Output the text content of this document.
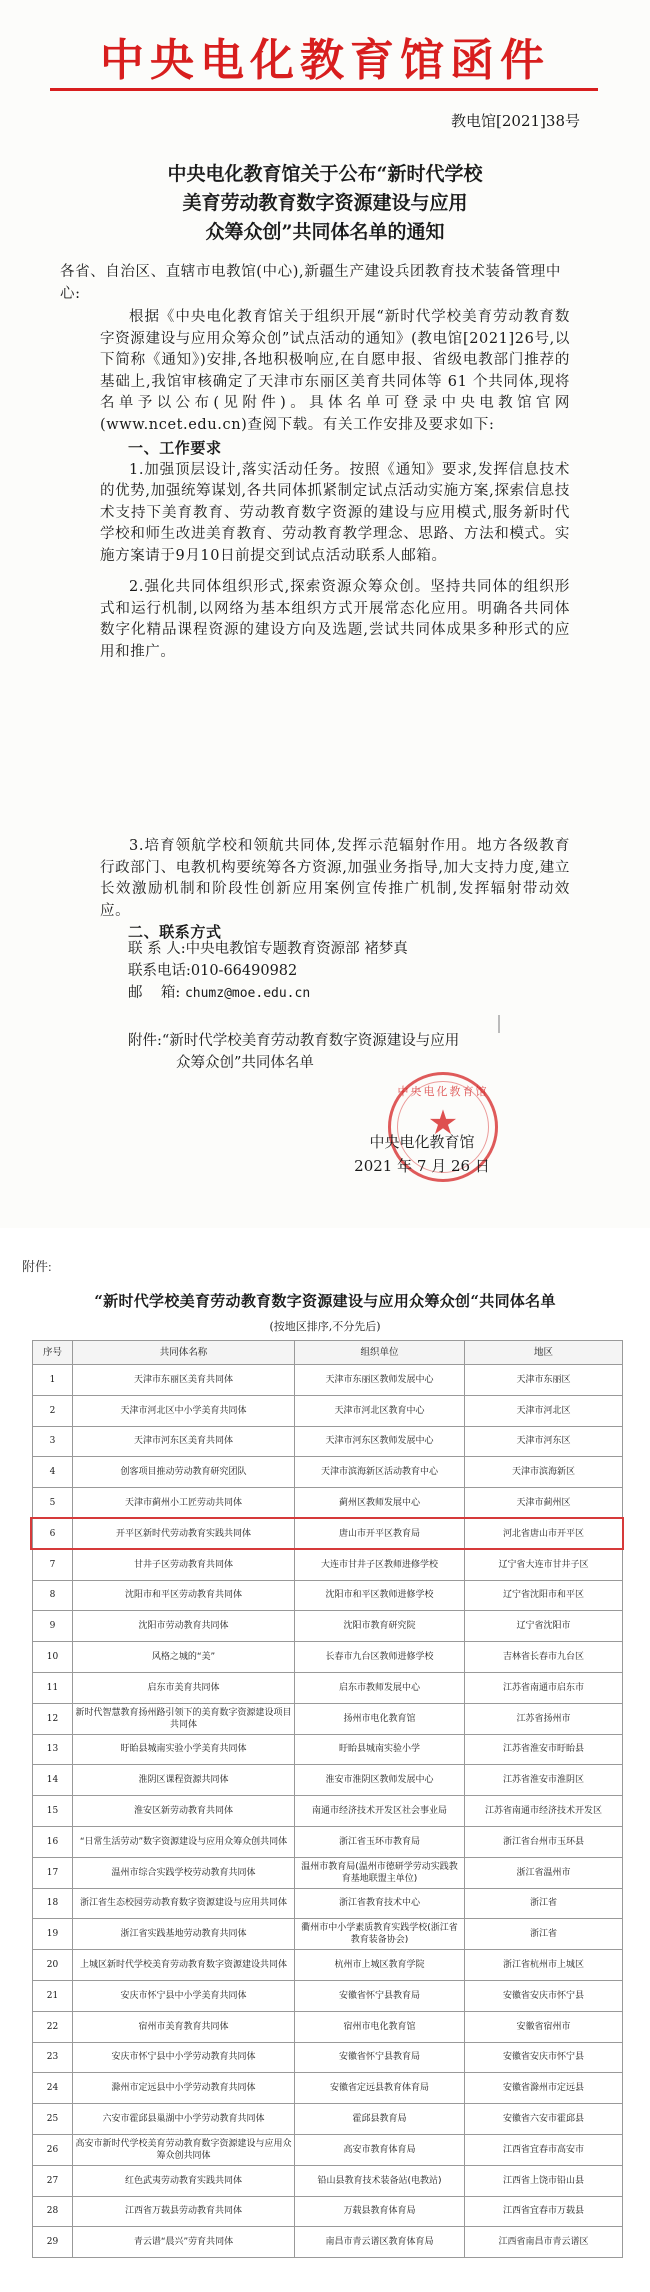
中央电化教育馆函件
教电馆[2021]38号
中央电化教育馆关于公布“新时代学校
美育劳动教育数字资源建设与应用
众筹众创”共同体名单的通知

各省、自治区、直辖市电教馆(中心),新疆生产建设兵团教育技术装备管理中心:

根据《中央电化教育馆关于组织开展“新时代学校美育劳动教育数字资源建设与应用众筹众创”试点活动的通知》(教电馆[2021]26号,以下简称《通知》)安排,各地积极响应,在自愿申报、省级电教部门推荐的基础上,我馆审核确定了天津市东丽区美育共同体等 61 个共同体,现将名单予以公布(见附件)。具体名单可登录中央电教馆官网(www.ncet.edu.cn)查阅下载。有关工作安排及要求如下:

一、工作要求

1.加强顶层设计,落实活动任务。按照《通知》要求,发挥信息技术的优势,加强统筹谋划,各共同体抓紧制定试点活动实施方案,探索信息技术支持下美育教育、劳动教育数字资源的建设与应用模式,服务新时代学校和师生改进美育教育、劳动教育教学理念、思路、方法和模式。实施方案请于9月10日前提交到试点活动联系人邮箱。

2.强化共同体组织形式,探索资源众筹众创。坚持共同体的组织形式和运行机制,以网络为基本组织方式开展常态化应用。明确各共同体数字化精品课程资源的建设方向及选题,尝试共同体成果多种形式的应用和推广。

3.培育领航学校和领航共同体,发挥示范辐射作用。地方各级教育行政部门、电教机构要统筹各方资源,加强业务指导,加大支持力度,建立长效激励机制和阶段性创新应用案例宣传推广机制,发挥辐射带动效应。

二、联系方式

联 系 人:中央电教馆专题教育资源部 褚梦真
联系电话:010-66490982
邮    箱: chumz@moe.edu.cn
附件:“新时代学校美育劳动教育数字资源建设与应用
众筹众创”共同体名单
中央电化教育馆
★
中央电化教育馆
2021 年 7 月 26 日
附件:
“新时代学校美育劳动教育数字资源建设与应用众筹众创“共同体名单
(按地区排序,不分先后)
序号	共同体名称	组织单位	地区
1	天津市东丽区美育共同体	天津市东丽区教师发展中心	天津市东丽区
2	天津市河北区中小学美育共同体	天津市河北区教育中心	天津市河北区
3	天津市河东区美育共同体	天津市河东区教师发展中心	天津市河东区
4	创客项目推动劳动教育研究团队	天津市滨海新区活动教育中心	天津市滨海新区
5	天津市蓟州小工匠劳动共同体	蓟州区教师发展中心	天津市蓟州区
6	开平区新时代劳动教育实践共同体	唐山市开平区教育局	河北省唐山市开平区
7	甘井子区劳动教育共同体	大连市甘井子区教师进修学校	辽宁省大连市甘井子区
8	沈阳市和平区劳动教育共同体	沈阳市和平区教师进修学校	辽宁省沈阳市和平区
9	沈阳市劳动教育共同体	沈阳市教育研究院	辽宁省沈阳市
10	风格之城的“美”	长春市九台区教师进修学校	吉林省长春市九台区
11	启东市美育共同体	启东市教师发展中心	江苏省南通市启东市
12	新时代智慧教育扬州路引领下的美育数字资源建设项目共同体	扬州市电化教育馆	江苏省扬州市
13	盱眙县城南实验小学美育共同体	盱眙县城南实验小学	江苏省淮安市盱眙县
14	淮阴区课程资源共同体	淮安市淮阴区教师发展中心	江苏省淮安市淮阴区
15	淮安区新劳动教育共同体	南通市经济技术开发区社会事业局	江苏省南通市经济技术开发区
16	“日常生活劳动”数字资源建设与应用众筹众创共同体	浙江省玉环市教育局	浙江省台州市玉环县
17	温州市综合实践学校劳动教育共同体	温州市教育局(温州市徳研学劳动实践教育基地联盟主单位)	浙江省温州市
18	浙江省生态校园劳动教育数字资源建设与应用共同体	浙江省教育技术中心	浙江省
19	浙江省实践基地劳动教育共同体	衢州市中小学素质教育实践学校(浙江省教育装备协会)	浙江省
20	上城区新时代学校美育劳动教育数字资源建设共同体	杭州市上城区教育学院	浙江省杭州市上城区
21	安庆市怀宁县中小学美育共同体	安徽省怀宁县教育局	安徽省安庆市怀宁县
22	宿州市美育教育共同体	宿州市电化教育馆	安徽省宿州市
23	安庆市怀宁县中小学劳动教育共同体	安徽省怀宁县教育局	安徽省安庆市怀宁县
24	滁州市定远县中小学劳动教育共同体	安徽省定远县教育体育局	安徽省滁州市定远县
25	六安市霍邱县巢湖中小学劳动教育共同体	霍邱县教育局	安徽省六安市霍邱县
26	高安市新时代学校美育劳动教育数字资源建设与应用众筹众创共同体	高安市教育体育局	江西省宜春市高安市
27	红色武夷劳动教育实践共同体	铅山县教育技术装备站(电教站)	江西省上饶市铅山县
28	江西省万载县劳动教育共同体	万载县教育体育局	江西省宜春市万载县
29	青云谱“晨兴”劳育共同体	南昌市青云谱区教育体育局	江西省南昌市青云谱区
